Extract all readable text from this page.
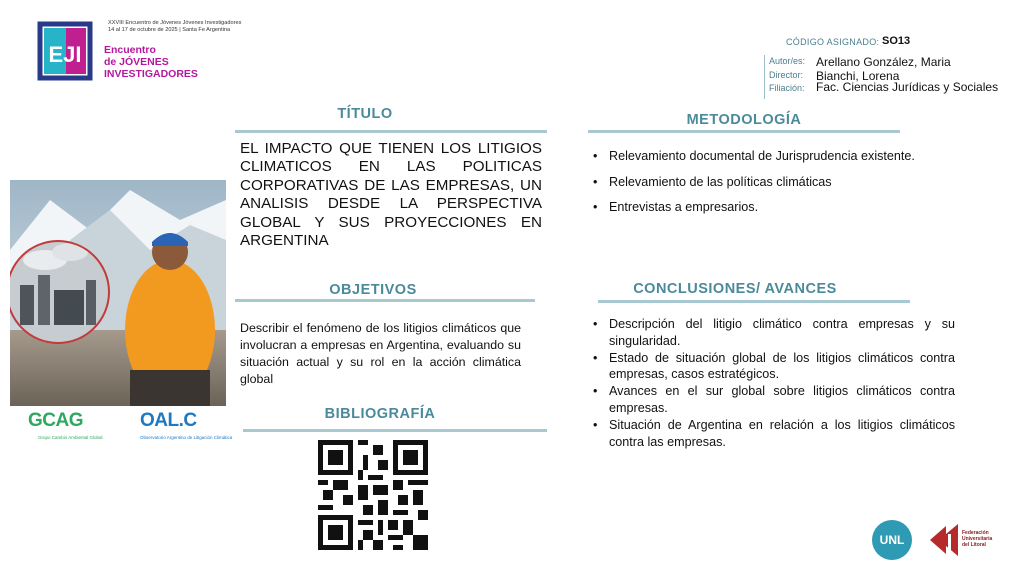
EJI
XXVIII Encuentro de Jóvenes Jóvenes Investigadores
14 al 17 de octubre de 2025 | Santa Fe Argentina
Encuentro
de JÓVENES
INVESTIGADORES
CÓDIGO ASIGNADO: SO13
Autor/es: Arellano González, Maria
Director: Bianchi, Lorena
Filiación: Fac. Ciencias Jurídicas y Sociales
TÍTULO
EL IMPACTO QUE TIENEN LOS LITIGIOS CLIMATICOS EN LAS POLITICAS CORPORATIVAS DE LAS EMPRESAS, UN ANALISIS DESDE LA PERSPECTIVA GLOBAL Y SUS PROYECCIONES EN ARGENTINA
METODOLOGÍA
• Relevamiento documental de Jurisprudencia existente.
• Relevamiento de las políticas climáticas
• Entrevistas a empresarios.
OBJETIVOS
Describir el fenómeno de los litigios climáticos que involucran a empresas en Argentina, evaluando su situación actual y su rol en la acción climática global
CONCLUSIONES/ AVANCES
• Descripción del litigio climático contra empresas y su singularidad.
• Estado de situación global de los litigios climáticos contra empresas, casos estratégicos.
• Avances en el sur global sobre litigios climáticos contra empresas.
• Situación de Argentina en relación a los litigios climáticos contra las empresas.
BIBLIOGRAFÍA
GCAG
Grupo Cambio Ambiental Global
OAL.C
Observatorio Argentino de Litigación Climática
UNL	Federación
Universitaria
del Litoral
